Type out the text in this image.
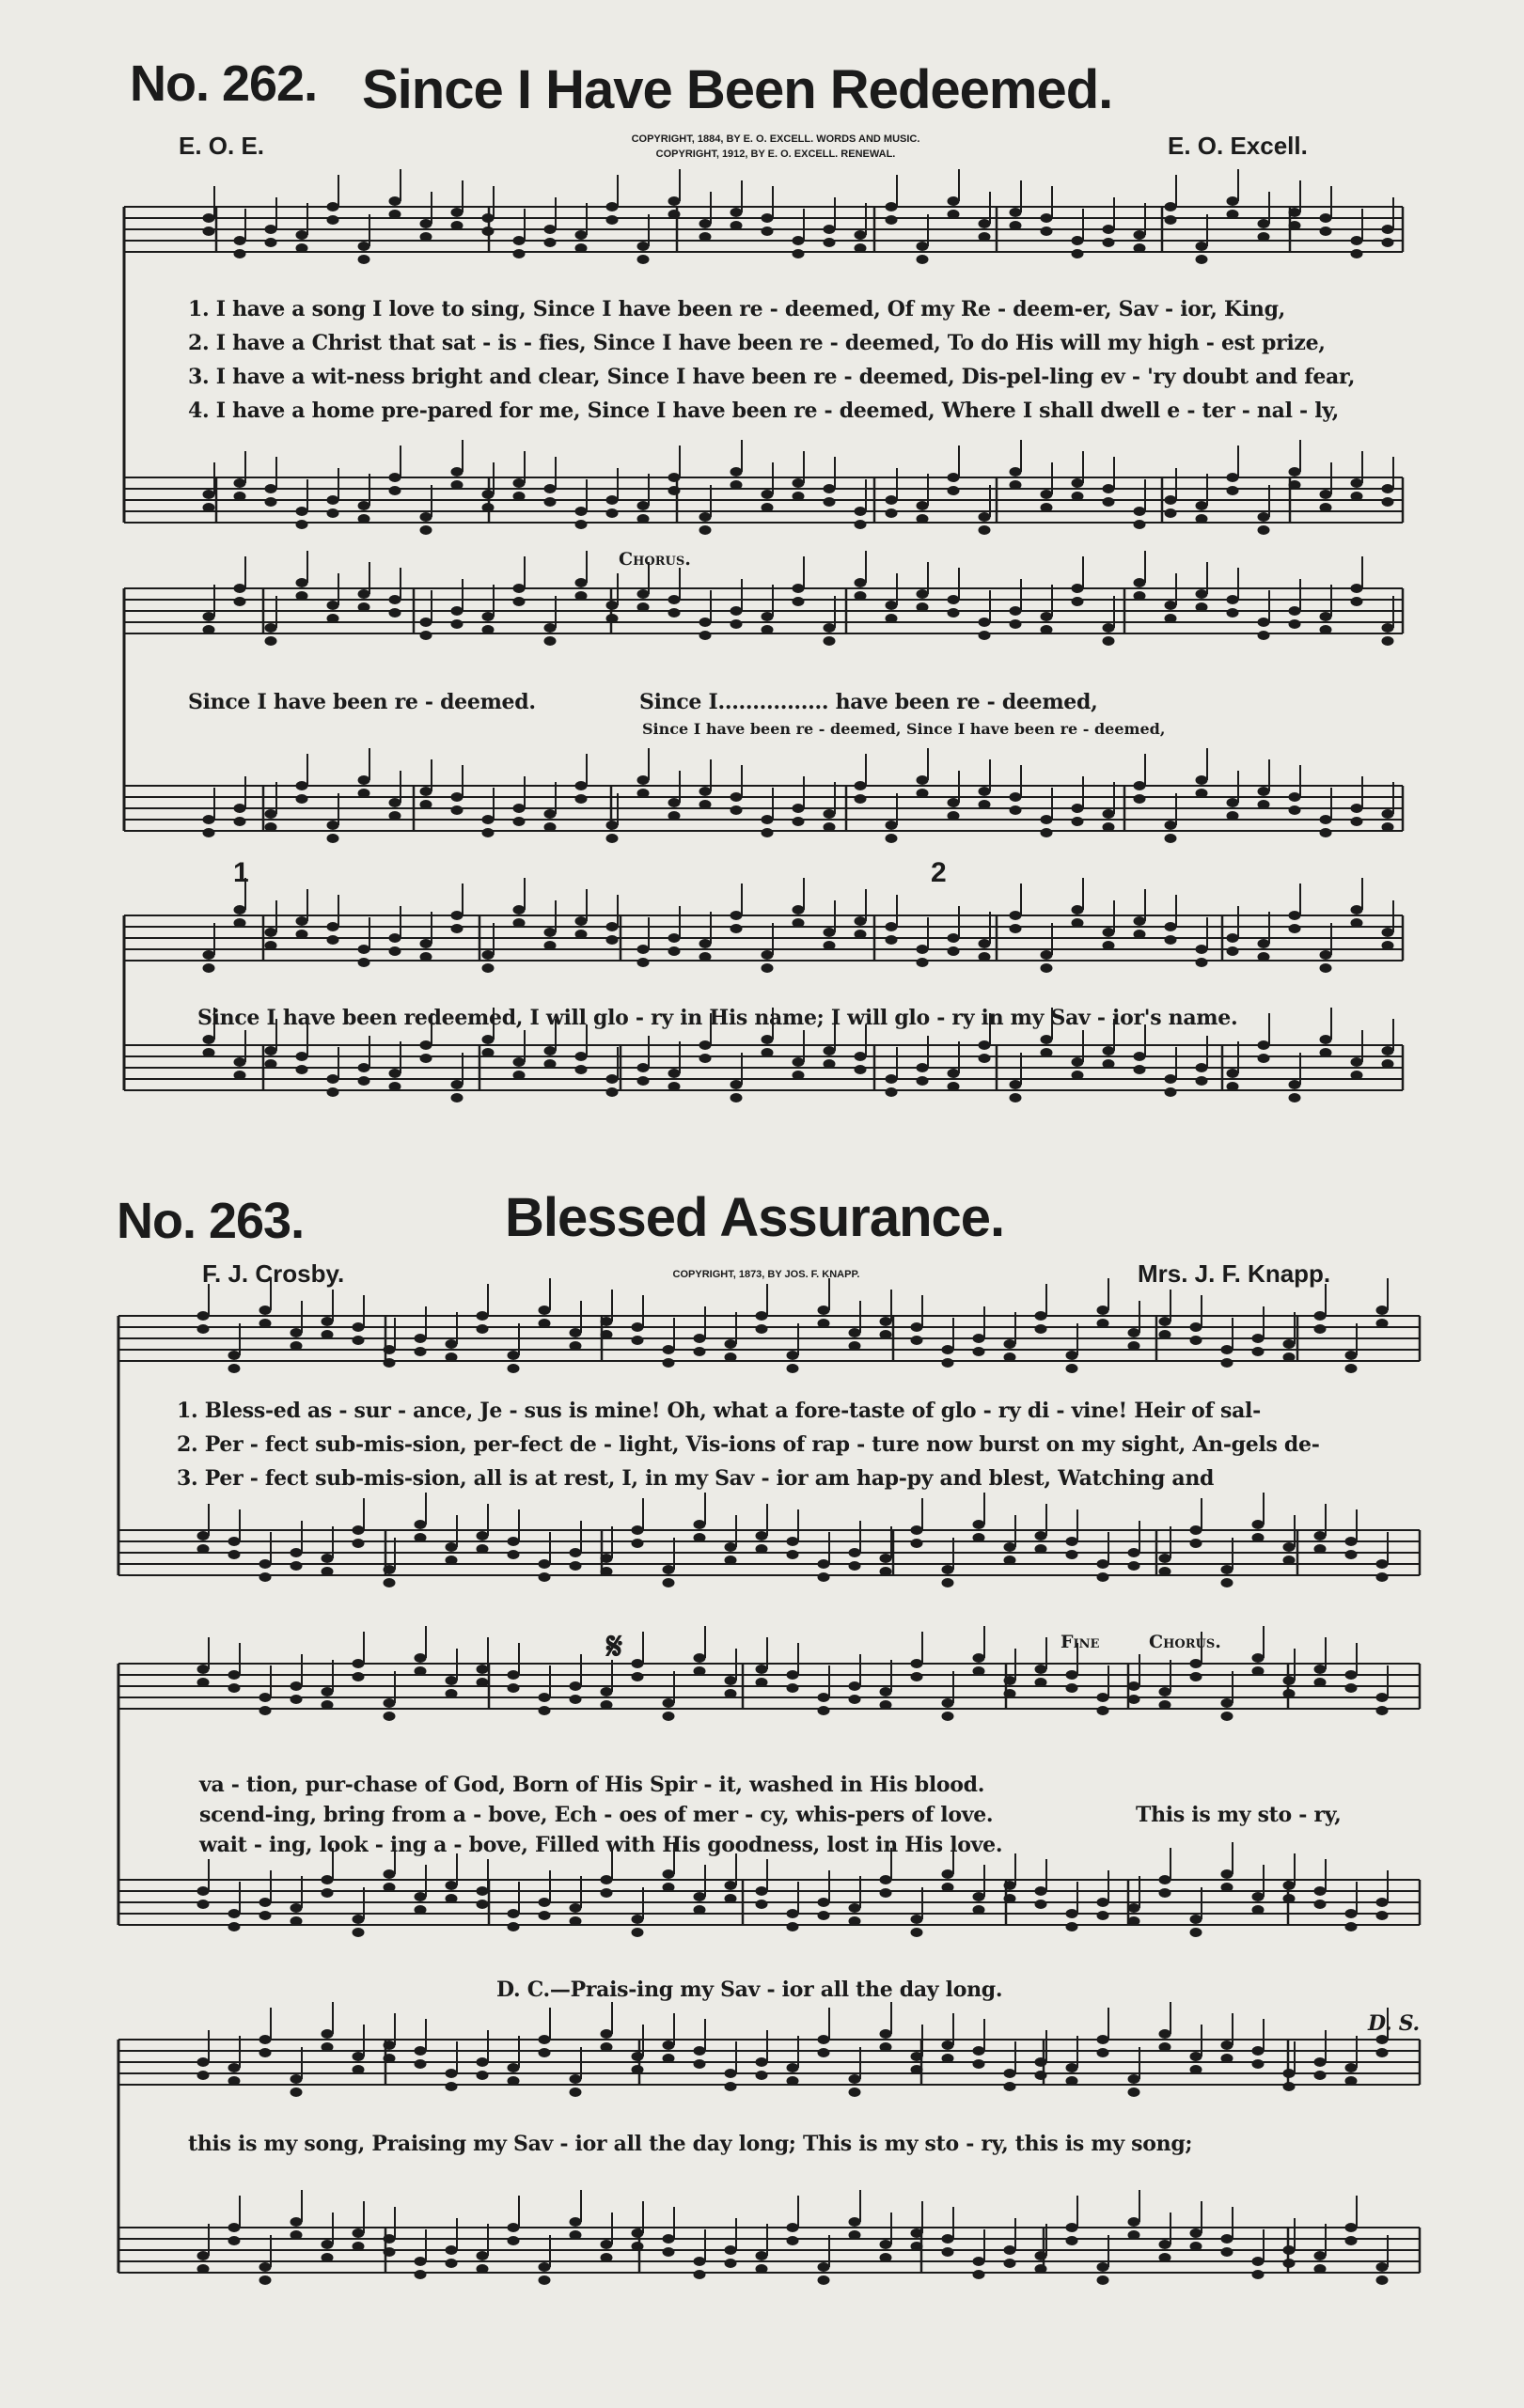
No. 262. Since I Have Been Redeemed.
E. O. E.	E. O. Excell.
COPYRIGHT, 1884, BY E. O. EXCELL. WORDS AND MUSIC.
COPYRIGHT, 1912, BY E. O. EXCELL. RENEWAL.
1. I have a song I love to sing, Since I have been re - deemed, Of my Re - deem-er, Sav - ior, King,
2. I have a Christ that sat - is - fies, Since I have been re - deemed, To do His will my high - est prize,
3. I have a wit-ness bright and clear, Since I have been re - deemed, Dis-pel-ling ev - 'ry doubt and fear,
4. I have a home pre-pared for me, Since I have been re - deemed, Where I shall dwell e - ter - nal - ly,
Chorus.
Since I have been re - deemed.	Since I................ have been re - deemed,
Since I have been re - deemed, Since I have been re - deemed,
1	2
Since I have been redeemed, I will glo - ry in His name; I will glo - ry in my Sav - ior's name.
No. 263.	Blessed Assurance.
F. J. Crosby.	COPYRIGHT, 1873, BY JOS. F. KNAPP.	Mrs. J. F. Knapp.
1. Bless-ed as - sur - ance, Je - sus is mine! Oh, what a fore-taste of glo - ry di - vine! Heir of sal-
2. Per - fect sub-mis-sion, per-fect de - light, Vis-ions of rap - ture now burst on my sight, An-gels de-
3. Per - fect sub-mis-sion, all is at rest, I, in my Sav - ior am hap-py and blest, Watching and
𝄋	Fine	Chorus.
va - tion, pur-chase of God, Born of His Spir - it, washed in His blood.
scend-ing, bring from a - bove, Ech - oes of mer - cy, whis-pers of love.
wait - ing, look - ing a - bove, Filled with His goodness, lost in His love.
This is my sto - ry,
D. C.—Prais-ing my Sav - ior all the day long.
D. S.
this is my song, Praising my Sav - ior all the day long; This is my sto - ry, this is my song;
